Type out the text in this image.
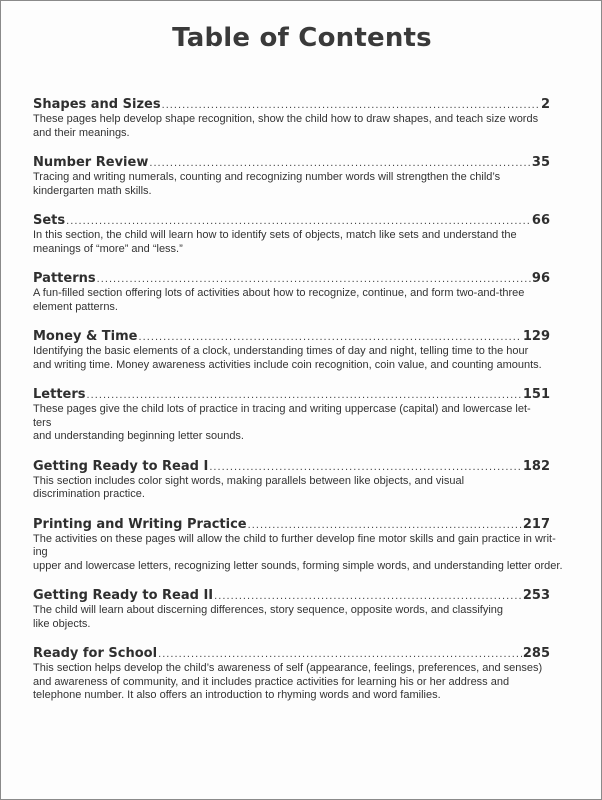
Table of Contents
Shapes and Sizes . . .	2

These pages help develop shape recognition, show the child how to draw shapes, and teach size words
and their meanings.

Number Review . . .	35

Tracing and writing numerals, counting and recognizing number words will strengthen the child’s
kindergarten math skills.

Sets . . .	66

In this section, the child will learn how to identify sets of objects, match like sets and understand the
meanings of “more” and “less.”

Patterns . . .	96

A fun-filled section offering lots of activities about how to recognize, continue, and form two-and-three
element patterns.

Money & Time . . .	129

Identifying the basic elements of a clock, understanding times of day and night, telling time to the hour
and writing time. Money awareness activities include coin recognition, coin value, and counting amounts.

Letters . . .	151

These pages give the child lots of practice in tracing and writing uppercase (capital) and lowercase let-
ters
and understanding beginning letter sounds.

Getting Ready to Read I . . .	182

This section includes color sight words, making parallels between like objects, and visual
discrimination practice.

Printing and Writing Practice . . .	217

The activities on these pages will allow the child to further develop fine motor skills and gain practice in writ-
ing
upper and lowercase letters, recognizing letter sounds, forming simple words, and understanding letter order.

Getting Ready to Read II . . .	253

The child will learn about discerning differences, story sequence, opposite words, and classifying
like objects.

Ready for School . . .	285

This section helps develop the child’s awareness of self (appearance, feelings, preferences, and senses)
and awareness of community, and it includes practice activities for learning his or her address and
telephone number. It also offers an introduction to rhyming words and word families.
